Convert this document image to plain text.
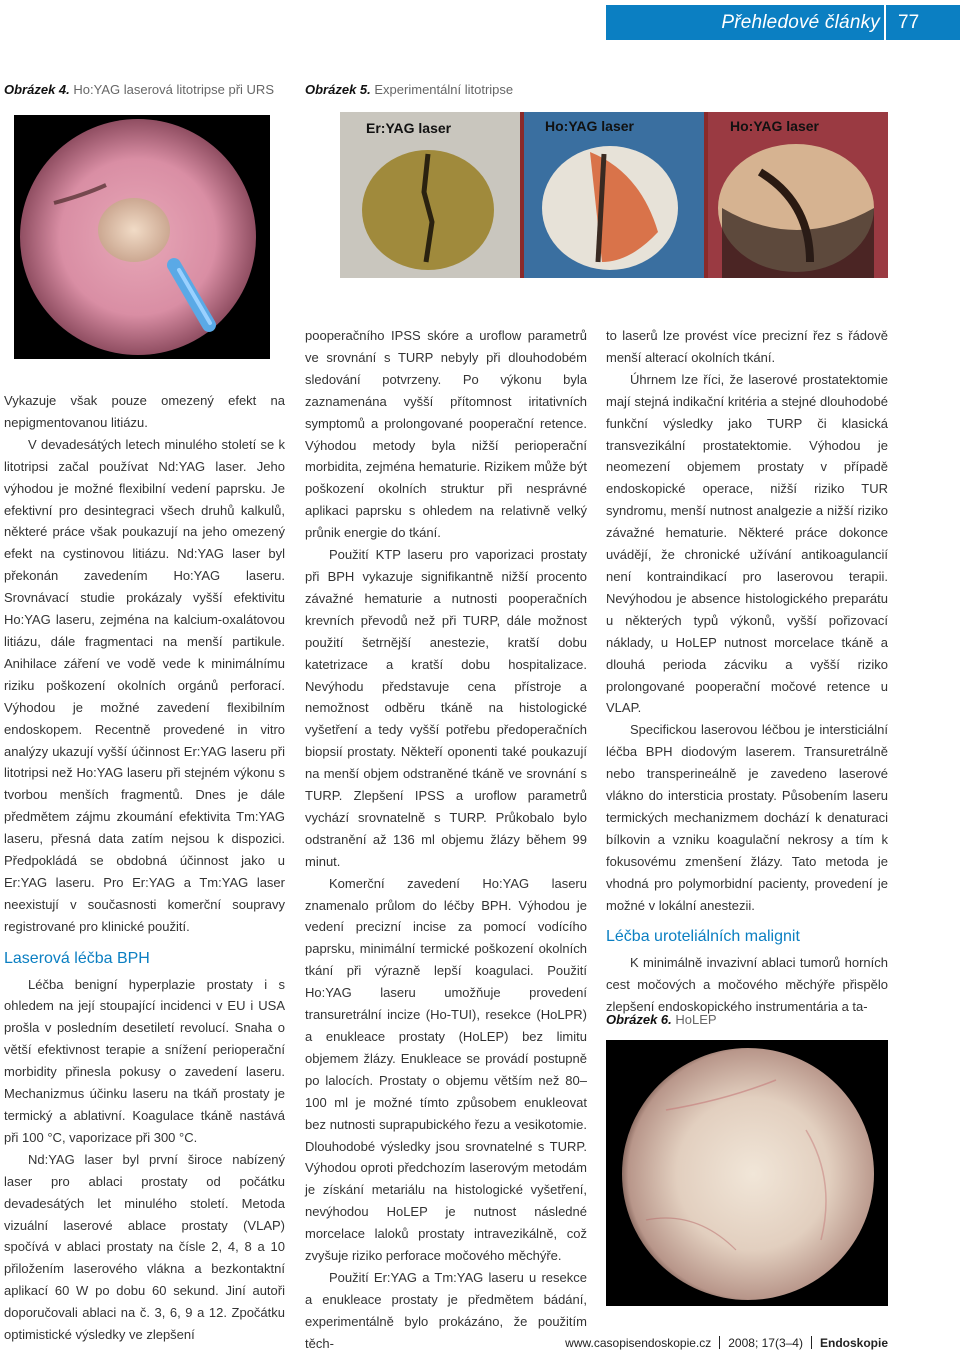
Přehledové články 77
Obrázek 4. Ho:YAG laserová litotripse při URS Obrázek 5. Experimentální litotripse
Er:YAG laser	Ho:YAG laser	Ho:YAG laser

Vykazuje však pouze omezený efekt na nepigmentovanou litiázu.

V devadesátých letech minulého století se k litotripsi začal používat Nd:YAG laser. Jeho výhodou je možné flexibilní vedení paprsku. Je efektivní pro desintegraci všech druhů kalkulů, některé práce však poukazují na jeho omezený efekt na cystinovou litiázu. Nd:YAG laser byl překonán zavedením Ho:YAG laseru. Srovnávací studie prokázaly vyšší efektivitu Ho:YAG laseru, zejména na kalcium-oxalátovou litiázu, dále fragmentaci na menší partikule. Anihilace záření ve vodě vede k minimálnímu riziku poškození okolních orgánů perforací. Výhodou je možné zavedení flexibilním endoskopem. Recentně provedené in vitro analýzy ukazují vyšší účinnost Er:YAG laseru při litotripsi než Ho:YAG laseru při stejném výkonu s tvorbou menších fragmentů. Dnes je dále předmětem zájmu zkoumání efektivita Tm:YAG laseru, přesná data zatím nejsou k dispozici. Předpokládá se obdobná účinnost jako u Er:YAG laseru. Pro Er:YAG a Tm:YAG laser neexistují v současnosti komerční soupravy registrované pro klinické použití.

Laserová léčba BPH

Léčba benigní hyperplazie prostaty i s ohledem na její stoupající incidenci v EU i USA prošla v posledním desetiletí revolucí. Snaha o větší efektivnost terapie a snížení perioperační morbidity přinesla pokusy o zavedení laseru. Mechanizmus účinku laseru na tkáň prostaty je termický a ablativní. Koagulace tkáně nastává při 100 °C, vaporizace při 300 °C.

Nd:YAG laser byl první široce nabízený laser pro ablaci prostaty od počátku devadesátých let minulého století. Metoda vizuální laserové ablace prostaty (VLAP) spočívá v ablaci prostaty na čísle 2, 4, 8 a 10 přiložením laserového vlákna a bezkontaktní aplikací 60 W po dobu 60 sekund. Jiní autoři doporučovali ablaci na č. 3, 6, 9 a 12. Zpočátku optimistické výsledky ve zlepšení

pooperačního IPSS skóre a uroflow parametrů ve srovnání s TURP nebyly při dlouhodobém sledování potvrzeny. Po výkonu byla zaznamenána vyšší přítomnost iritativních symptomů a prolongované pooperační retence. Výhodou metody byla nižší perioperační morbidita, zejména hematurie. Rizikem může být poškození okolních struktur při nesprávné aplikaci paprsku s ohledem na relativně velký průnik energie do tkání.

Použití KTP laseru pro vaporizaci prostaty při BPH vykazuje signifikantně nižší procento závažné hematurie a nutnosti pooperačních krevních převodů než při TURP, dále možnost použití šetrnější anestezie, kratší dobu katetrizace a kratší dobu hospitalizace. Nevýhodu představuje cena přístroje a nemožnost odběru tkáně na histologické vyšetření a tedy vyšší potřebu předoperačních biopsií prostaty. Někteří oponenti také poukazují na menší objem odstraněné tkáně ve srovnání s TURP. Zlepšení IPSS a uroflow parametrů vychází srovnatelně s TURP. Průkobalo bylo odstranění až 136 ml objemu žlázy během 99 minut.

Komerční zavedení Ho:YAG laseru znamenalo průlom do léčby BPH. Výhodou je vedení precizní incise za pomocí vodícího paprsku, minimální termické poškození okolních tkání při výrazně lepší koagulaci. Použití Ho:YAG laseru umožňuje provedení transuretrální incize (Ho-TUI), resekce (HoLPR) a enukleace prostaty (HoLEP) bez limitu objemem žlázy. Enukleace se provádí postupně po lalocích. Prostaty o objemu větším než 80–100 ml je možné tímto způsobem enukleovat bez nutnosti suprapubického řezu a vesikotomie. Dlouhodobé výsledky jsou srovnatelné s TURP. Výhodou oproti předchozím laserovým metodám je získání metariálu na histologické vyšetření, nevýhodou HoLEP je nutnost následné morcelace laloků prostaty intravezikálně, což zvyšuje riziko perforace močového měchýře.

Použití Er:YAG a Tm:YAG laseru u resekce a enukleace prostaty je předmětem bádání, experimentálně bylo prokázáno, že použitím těch-

to laserů lze provést více precizní řez s řádově menší alterací okolních tkání.

Úhrnem lze říci, že laserové prostatektomie mají stejná indikační kritéria a stejné dlouhodobé funkční výsledky jako TURP či klasická transvezikální prostatektomie. Výhodou je neomezení objemem prostaty v případě endoskopické operace, nižší riziko TUR syndromu, menší nutnost analgezie a nižší riziko závažné hematurie. Některé práce dokonce uvádějí, že chronické užívání antikoagulancií není kontraindikací pro laserovou terapii. Nevýhodou je absence histologického preparátu u některých typů výkonů, vyšší pořizovací náklady, u HoLEP nutnost morcelace tkáně a dlouhá perioda zácviku a vyšší riziko prolongované pooperační močové retence u VLAP.

Specifickou laserovou léčbou je intersticiální léčba BPH diodovým laserem. Transuretrálně nebo transperineálně je zavedeno laserové vlákno do intersticia prostaty. Působením laseru termických mechanizmem dochází k denaturaci bílkovin a vzniku koagulační nekrosy a tím k fokusovému zmenšení žlázy. Tato metoda je vhodná pro polymorbidní pacienty, provedení je možné v lokální anestezii.

Léčba uroteliálních malignit

K minimálně invazivní ablaci tumorů horních cest močových a močového měchýře přispělo zlepšení endoskopického instrumentária a ta-

Obrázek 6. HoLEP
www.casopisendoskopie.cz 2008; 17(3–4) Endoskopie
